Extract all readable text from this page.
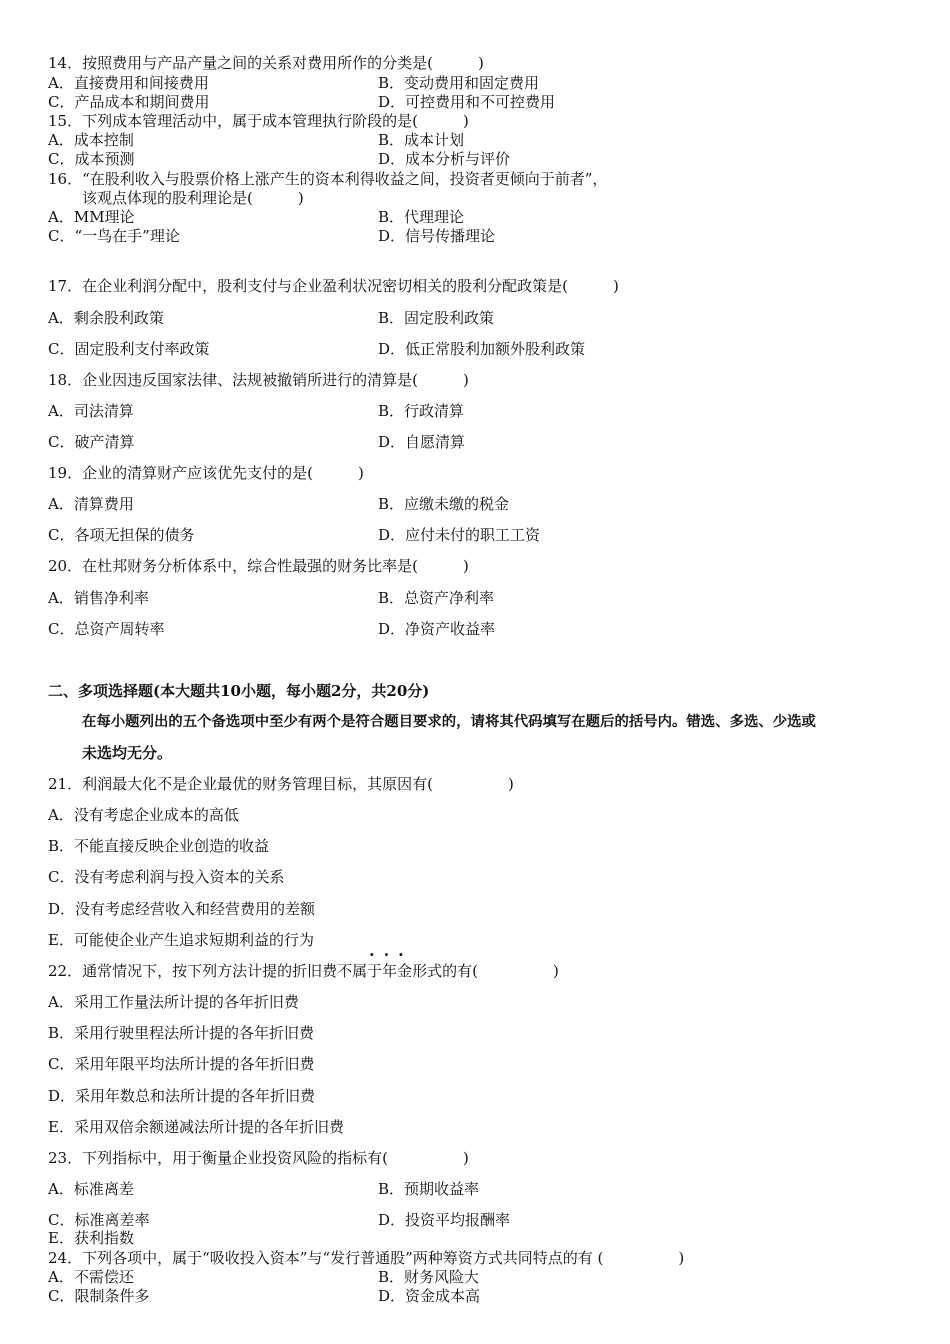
14．按照费用与产品产量之间的关系对费用所作的分类是(　　　)
A．直接费用和间接费用	B．变动费用和固定费用
C．产品成本和期间费用	D．可控费用和不可控费用
15．下列成本管理活动中，属于成本管理执行阶段的是(　　　)
A．成本控制	B．成本计划
C．成本预测	D．成本分析与评价
16．“在股利收入与股票价格上涨产生的资本利得收益之间，投资者更倾向于前者”，
该观点体现的股利理论是(　　　)
A．MM理论	B．代理理论
C．“一鸟在手”理论	D．信号传播理论
17．在企业利润分配中，股利支付与企业盈利状况密切相关的股利分配政策是(　　　)
A．剩余股利政策	B．固定股利政策
C．固定股利支付率政策	D．低正常股利加额外股利政策
18．企业因违反国家法律、法规被撤销所进行的清算是(　　　)
A．司法清算	B．行政清算
C．破产清算	D．自愿清算
19．企业的清算财产应该优先支付的是(　　　)
A．清算费用	B．应缴未缴的税金
C．各项无担保的债务	D．应付未付的职工工资
20．在杜邦财务分析体系中，综合性最强的财务比率是(　　　)
A．销售净利率	B．总资产净利率
C．总资产周转率	D．净资产收益率
二、多项选择题(本大题共10小题，每小题2分，共20分)
在每小题列出的五个备选项中至少有两个是符合题目要求的，请将其代码填写在题后的括号内。错选、多选、少选或
未选均无分。
21．利润最大化不是企业最优的财务管理目标，其原因有(　　　　　)
A．没有考虑企业成本的高低
B．不能直接反映企业创造的收益
C．没有考虑利润与投入资本的关系
D．没有考虑经营收入和经营费用的差额
E．可能使企业产生追求短期利益的行为
···
22．通常情况下，按下列方法计提的折旧费不属于年金形式的有(　　　　　)
A．采用工作量法所计提的各年折旧费
B．采用行驶里程法所计提的各年折旧费
C．采用年限平均法所计提的各年折旧费
D．采用年数总和法所计提的各年折旧费
E．采用双倍余额递减法所计提的各年折旧费
23．下列指标中，用于衡量企业投资风险的指标有(　　　　　)
A．标准离差	B．预期收益率
C．标准离差率	D．投资平均报酬率
E．获利指数
24．下列各项中，属于“吸收投入资本”与“发行普通股”两种筹资方式共同特点的有 (　　　　　)
A．不需偿还	B．财务风险大
C．限制条件多	D．资金成本高
